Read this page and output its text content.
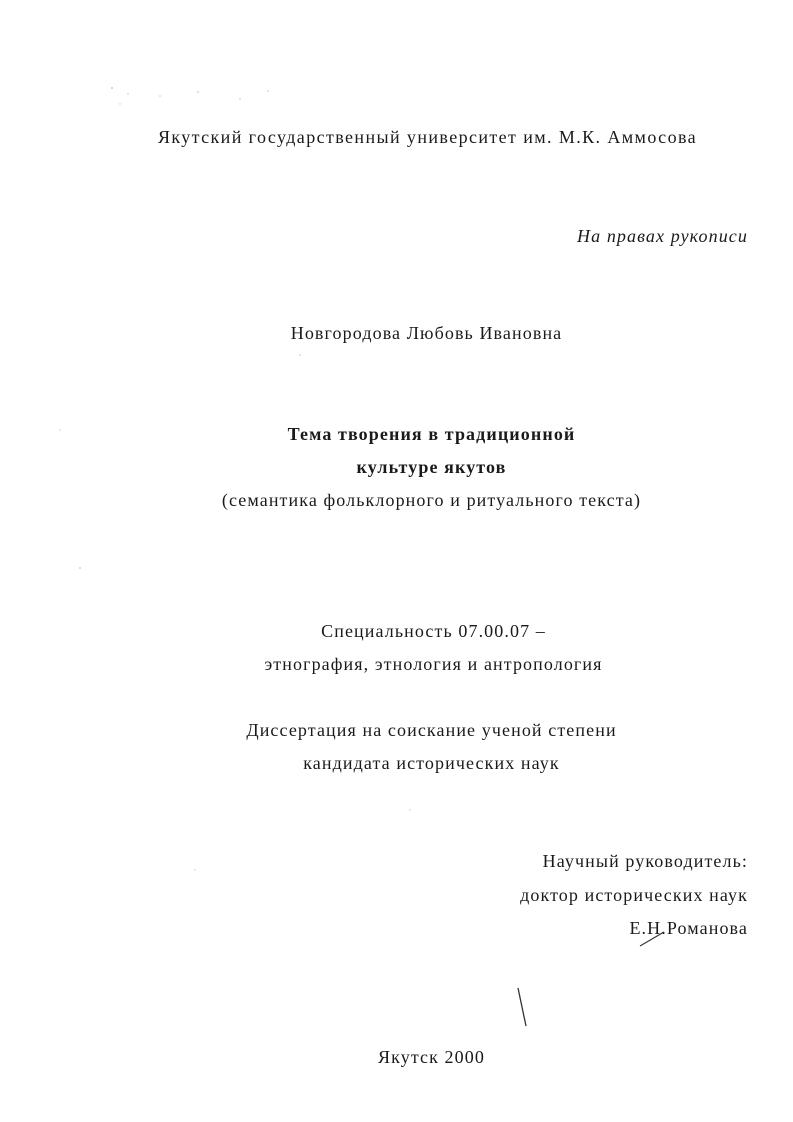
Якутский государственный университет им. М.К. Аммосова
На правах рукописи
Новгородова Любовь Ивановна
Тема творения в традиционной
культуре якутов
(семантика фольклорного и ритуального текста)
Специальность 07.00.07 –
этнография, этнология и антропология
Диссертация на соискание ученой степени
кандидата исторических наук
Научный руководитель:
доктор исторических наук
Е.Н.Романова
Якутск 2000
